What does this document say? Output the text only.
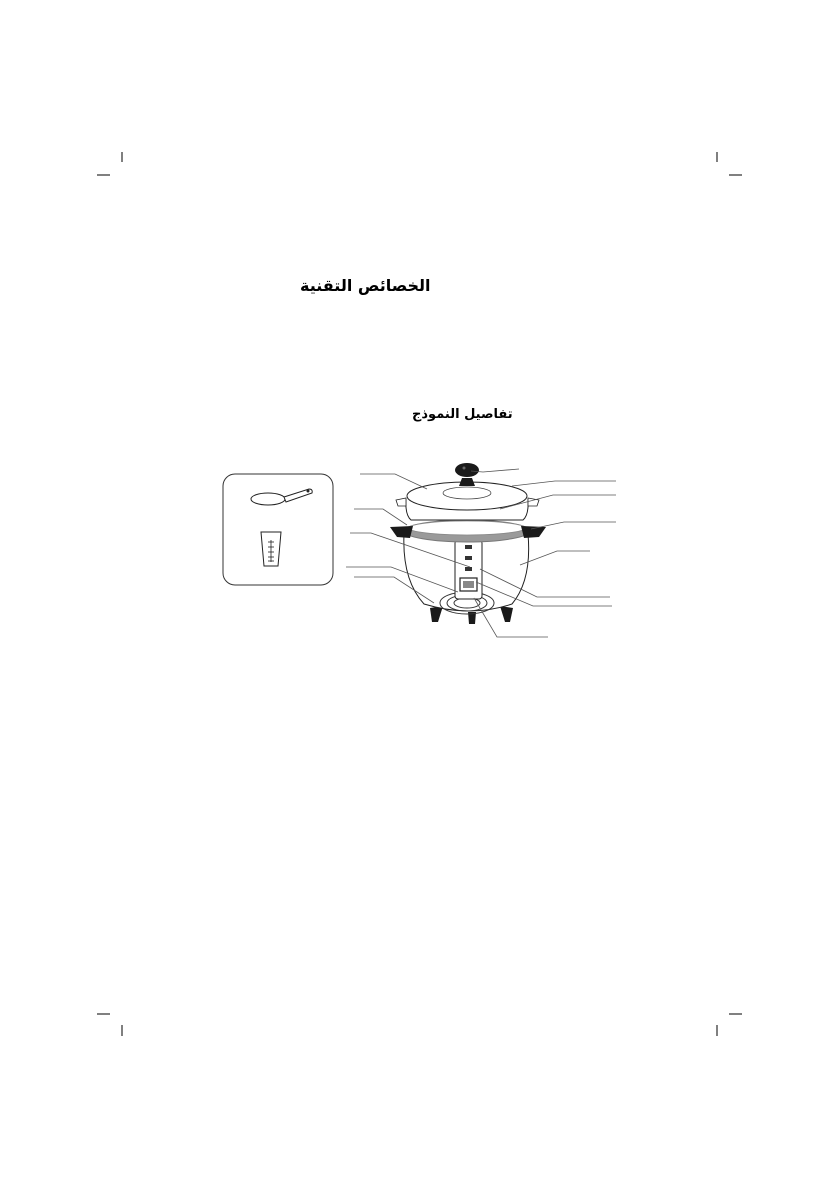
الخصائص التقنية
تفاصيل النموذج
